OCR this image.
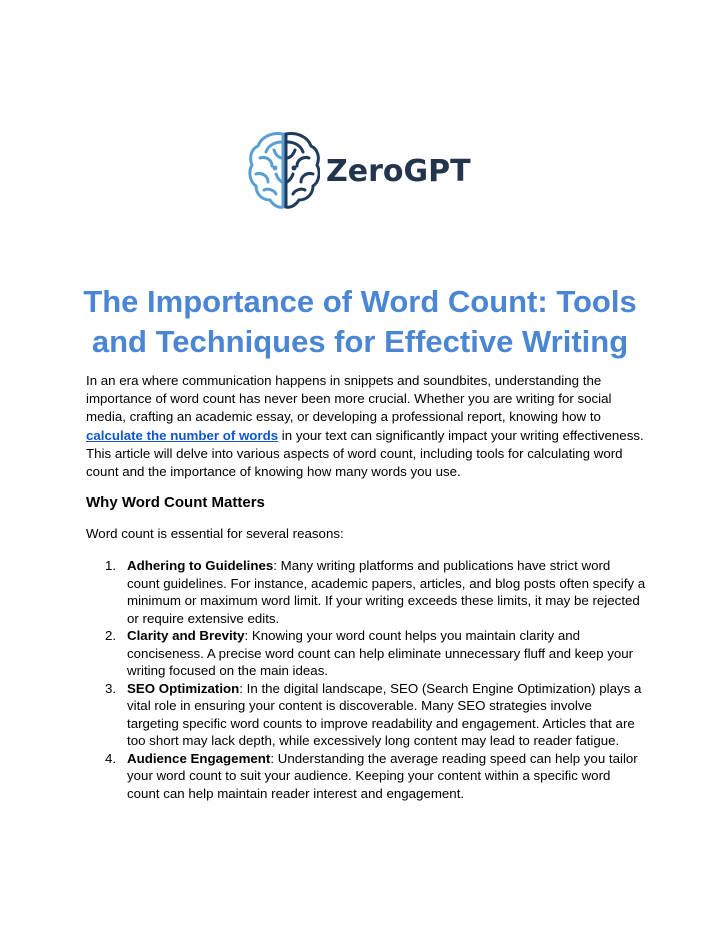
ZeroGPT
The Importance of Word Count: Tools and Techniques for Effective Writing

In an era where communication happens in snippets and soundbites, understanding the importance of word count has never been more crucial. Whether you are writing for social media, crafting an academic essay, or developing a professional report, knowing how to calculate the number of words in your text can significantly impact your writing effectiveness. This article will delve into various aspects of word count, including tools for calculating word count and the importance of knowing how many words you use.

Why Word Count Matters

Word count is essential for several reasons:

1. Adhering to Guidelines: Many writing platforms and publications have strict word count guidelines. For instance, academic papers, articles, and blog posts often specify a minimum or maximum word limit. If your writing exceeds these limits, it may be rejected or require extensive edits.
2. Clarity and Brevity: Knowing your word count helps you maintain clarity and conciseness. A precise word count can help eliminate unnecessary fluff and keep your writing focused on the main ideas.
3. SEO Optimization: In the digital landscape, SEO (Search Engine Optimization) plays a vital role in ensuring your content is discoverable. Many SEO strategies involve targeting specific word counts to improve readability and engagement. Articles that are too short may lack depth, while excessively long content may lead to reader fatigue.
4. Audience Engagement: Understanding the average reading speed can help you tailor your word count to suit your audience. Keeping your content within a specific word count can help maintain reader interest and engagement.
